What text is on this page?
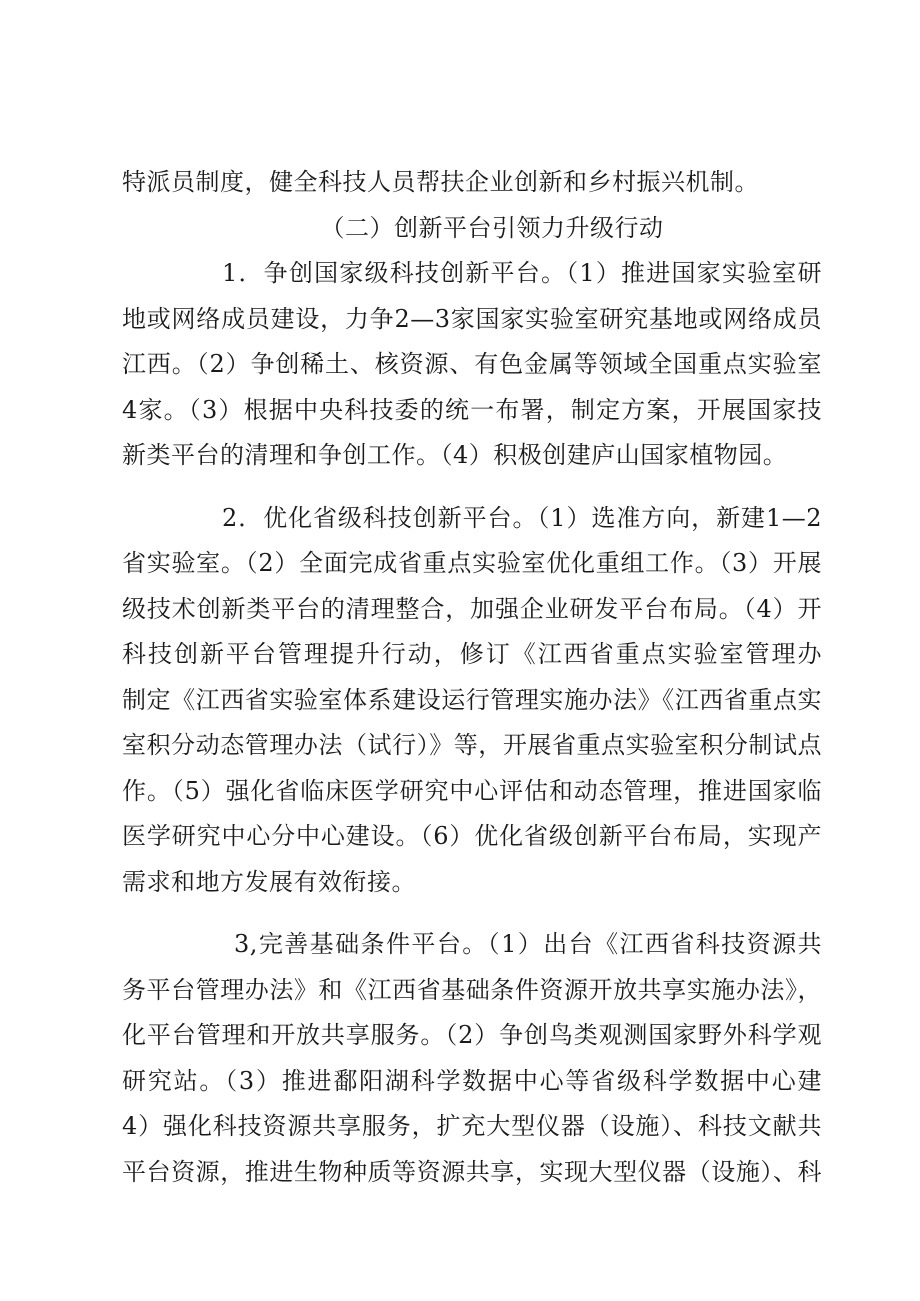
特派员制度，健全科技人员帮扶企业创新和乡村振兴机制。
（二）创新平台引领力升级行动
1．争创国家级科技创新平台。（1）推进国家实验室研
地或网络成员建设，力争2—3家国家实验室研究基地或网络成员
江西。（2）争创稀土、核资源、有色金属等领域全国重点实验室
4家。（3）根据中央科技委的统一布署，制定方案，开展国家技
新类平台的清理和争创工作。（4）积极创建庐山国家植物园。
2．优化省级科技创新平台。（1）选准方向，新建1—2
省实验室。（2）全面完成省重点实验室优化重组工作。（3）开展
级技术创新类平台的清理整合，加强企业研发平台布局。（4）开
科技创新平台管理提升行动，修订《江西省重点实验室管理办
制定《江西省实验室体系建设运行管理实施办法》《江西省重点实
室积分动态管理办法（试行）》等，开展省重点实验室积分制试点
作。（5）强化省临床医学研究中心评估和动态管理，推进国家临
医学研究中心分中心建设。（6）优化省级创新平台布局，实现产
需求和地方发展有效衔接。
3,完善基础条件平台。（1）出台《江西省科技资源共
务平台管理办法》和《江西省基础条件资源开放共享实施办法》，
化平台管理和开放共享服务。（2）争创鸟类观测国家野外科学观
研究站。（3）推进鄱阳湖科学数据中心等省级科学数据中心建
4）强化科技资源共享服务，扩充大型仪器（设施）、科技文献共
平台资源，推进生物种质等资源共享，实现大型仪器（设施）、科
